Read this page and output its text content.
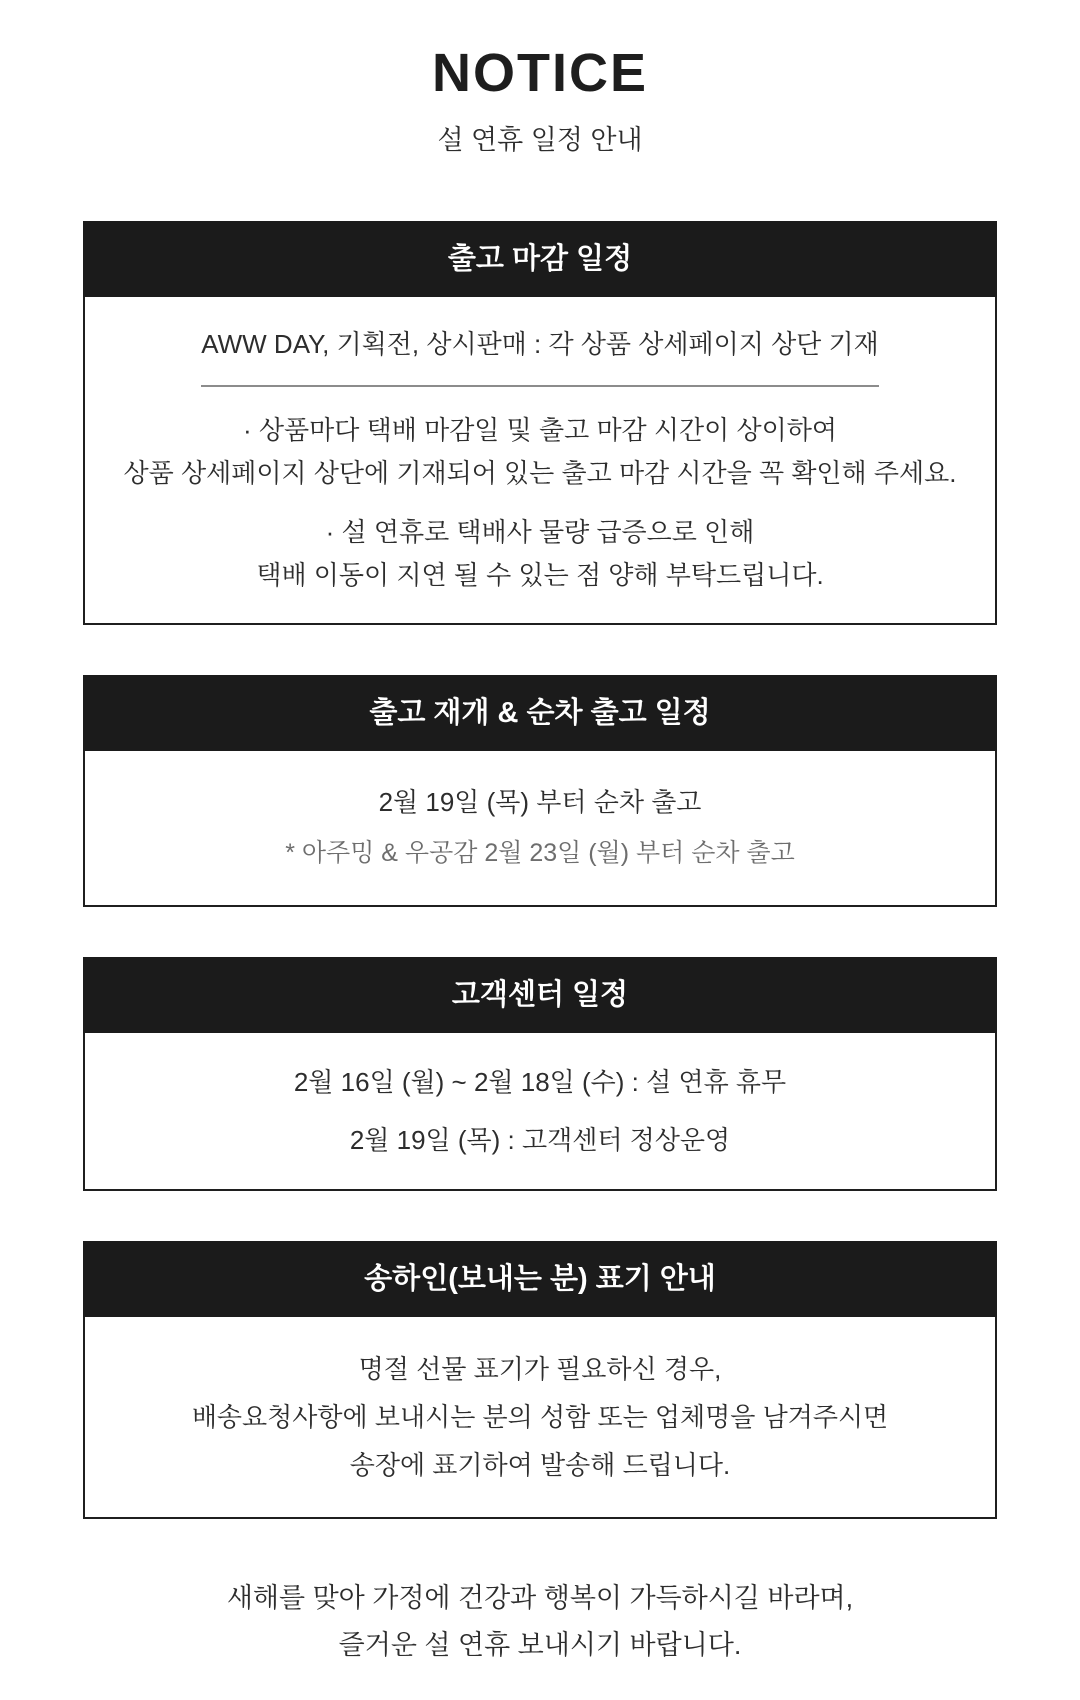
NOTICE
설 연휴 일정 안내
출고 마감 일정
AWW DAY, 기획전, 상시판매 : 각 상품 상세페이지 상단 기재
· 상품마다 택배 마감일 및 출고 마감 시간이 상이하여
상품 상세페이지 상단에 기재되어 있는 출고 마감 시간을 꼭 확인해 주세요.
· 설 연휴로 택배사 물량 급증으로 인해
택배 이동이 지연 될 수 있는 점 양해 부탁드립니다.
출고 재개 & 순차 출고 일정
2월 19일 (목) 부터 순차 출고
* 아주밍 & 우공감 2월 23일 (월) 부터 순차 출고
고객센터 일정
2월 16일 (월) ~ 2월 18일 (수) : 설 연휴 휴무
2월 19일 (목) : 고객센터 정상운영
송하인(보내는 분) 표기 안내
명절 선물 표기가 필요하신 경우,
배송요청사항에 보내시는 분의 성함 또는 업체명을 남겨주시면
송장에 표기하여 발송해 드립니다.
새해를 맞아 가정에 건강과 행복이 가득하시길 바라며,
즐거운 설 연휴 보내시기 바랍니다.
